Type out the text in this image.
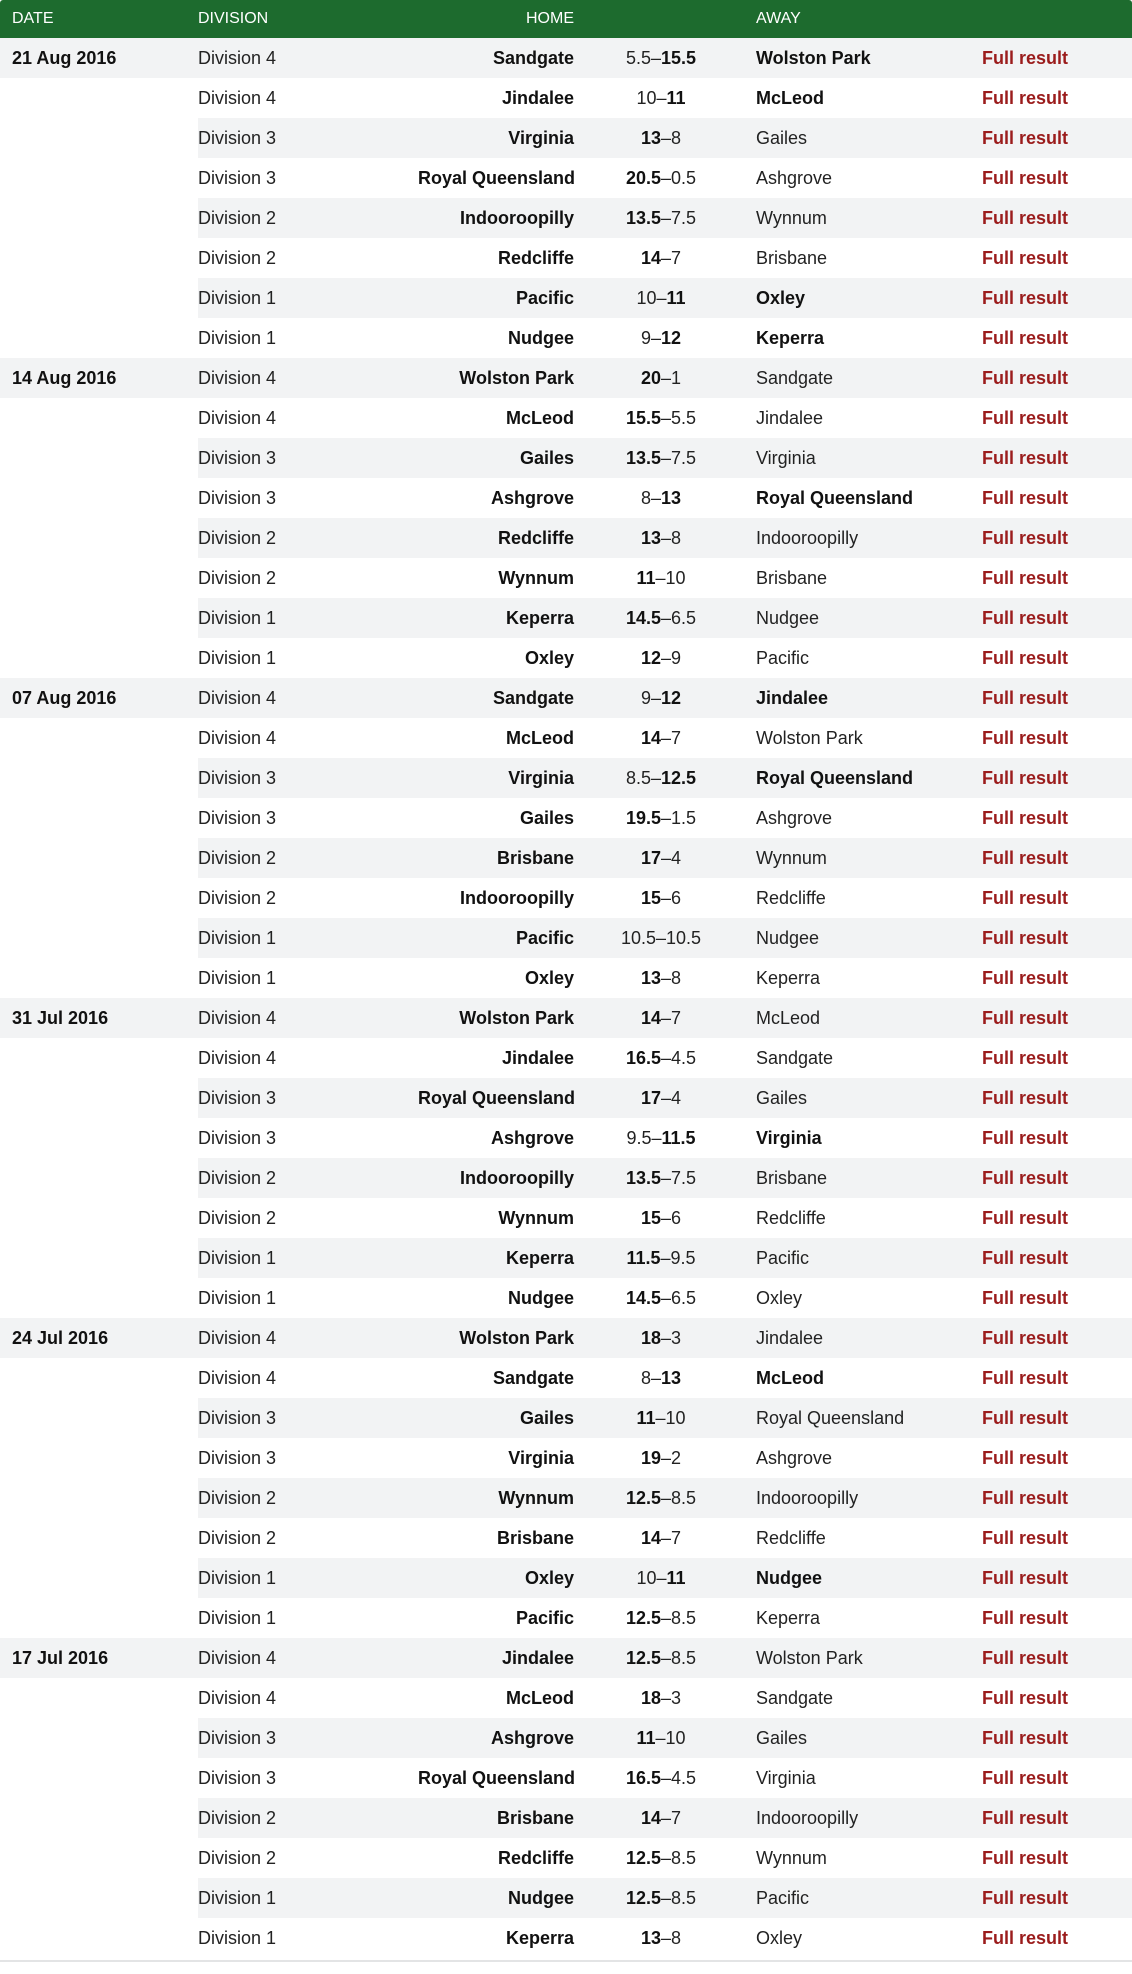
DATE	DIVISION	HOME		AWAY	
21 Aug 2016	Division 4	Sandgate	5.5–15.5	Wolston Park	Full result
	Division 4	Jindalee	10–11	McLeod	Full result
	Division 3	Virginia	13–8	Gailes	Full result
	Division 3	Royal Queensland	20.5–0.5	Ashgrove	Full result
	Division 2	Indooroopilly	13.5–7.5	Wynnum	Full result
	Division 2	Redcliffe	14–7	Brisbane	Full result
	Division 1	Pacific	10–11	Oxley	Full result
	Division 1	Nudgee	9–12	Keperra	Full result
14 Aug 2016	Division 4	Wolston Park	20–1	Sandgate	Full result
	Division 4	McLeod	15.5–5.5	Jindalee	Full result
	Division 3	Gailes	13.5–7.5	Virginia	Full result
	Division 3	Ashgrove	8–13	Royal Queensland	Full result
	Division 2	Redcliffe	13–8	Indooroopilly	Full result
	Division 2	Wynnum	11–10	Brisbane	Full result
	Division 1	Keperra	14.5–6.5	Nudgee	Full result
	Division 1	Oxley	12–9	Pacific	Full result
07 Aug 2016	Division 4	Sandgate	9–12	Jindalee	Full result
	Division 4	McLeod	14–7	Wolston Park	Full result
	Division 3	Virginia	8.5–12.5	Royal Queensland	Full result
	Division 3	Gailes	19.5–1.5	Ashgrove	Full result
	Division 2	Brisbane	17–4	Wynnum	Full result
	Division 2	Indooroopilly	15–6	Redcliffe	Full result
	Division 1	Pacific	10.5–10.5	Nudgee	Full result
	Division 1	Oxley	13–8	Keperra	Full result
31 Jul 2016	Division 4	Wolston Park	14–7	McLeod	Full result
	Division 4	Jindalee	16.5–4.5	Sandgate	Full result
	Division 3	Royal Queensland	17–4	Gailes	Full result
	Division 3	Ashgrove	9.5–11.5	Virginia	Full result
	Division 2	Indooroopilly	13.5–7.5	Brisbane	Full result
	Division 2	Wynnum	15–6	Redcliffe	Full result
	Division 1	Keperra	11.5–9.5	Pacific	Full result
	Division 1	Nudgee	14.5–6.5	Oxley	Full result
24 Jul 2016	Division 4	Wolston Park	18–3	Jindalee	Full result
	Division 4	Sandgate	8–13	McLeod	Full result
	Division 3	Gailes	11–10	Royal Queensland	Full result
	Division 3	Virginia	19–2	Ashgrove	Full result
	Division 2	Wynnum	12.5–8.5	Indooroopilly	Full result
	Division 2	Brisbane	14–7	Redcliffe	Full result
	Division 1	Oxley	10–11	Nudgee	Full result
	Division 1	Pacific	12.5–8.5	Keperra	Full result
17 Jul 2016	Division 4	Jindalee	12.5–8.5	Wolston Park	Full result
	Division 4	McLeod	18–3	Sandgate	Full result
	Division 3	Ashgrove	11–10	Gailes	Full result
	Division 3	Royal Queensland	16.5–4.5	Virginia	Full result
	Division 2	Brisbane	14–7	Indooroopilly	Full result
	Division 2	Redcliffe	12.5–8.5	Wynnum	Full result
	Division 1	Nudgee	12.5–8.5	Pacific	Full result
	Division 1	Keperra	13–8	Oxley	Full result
